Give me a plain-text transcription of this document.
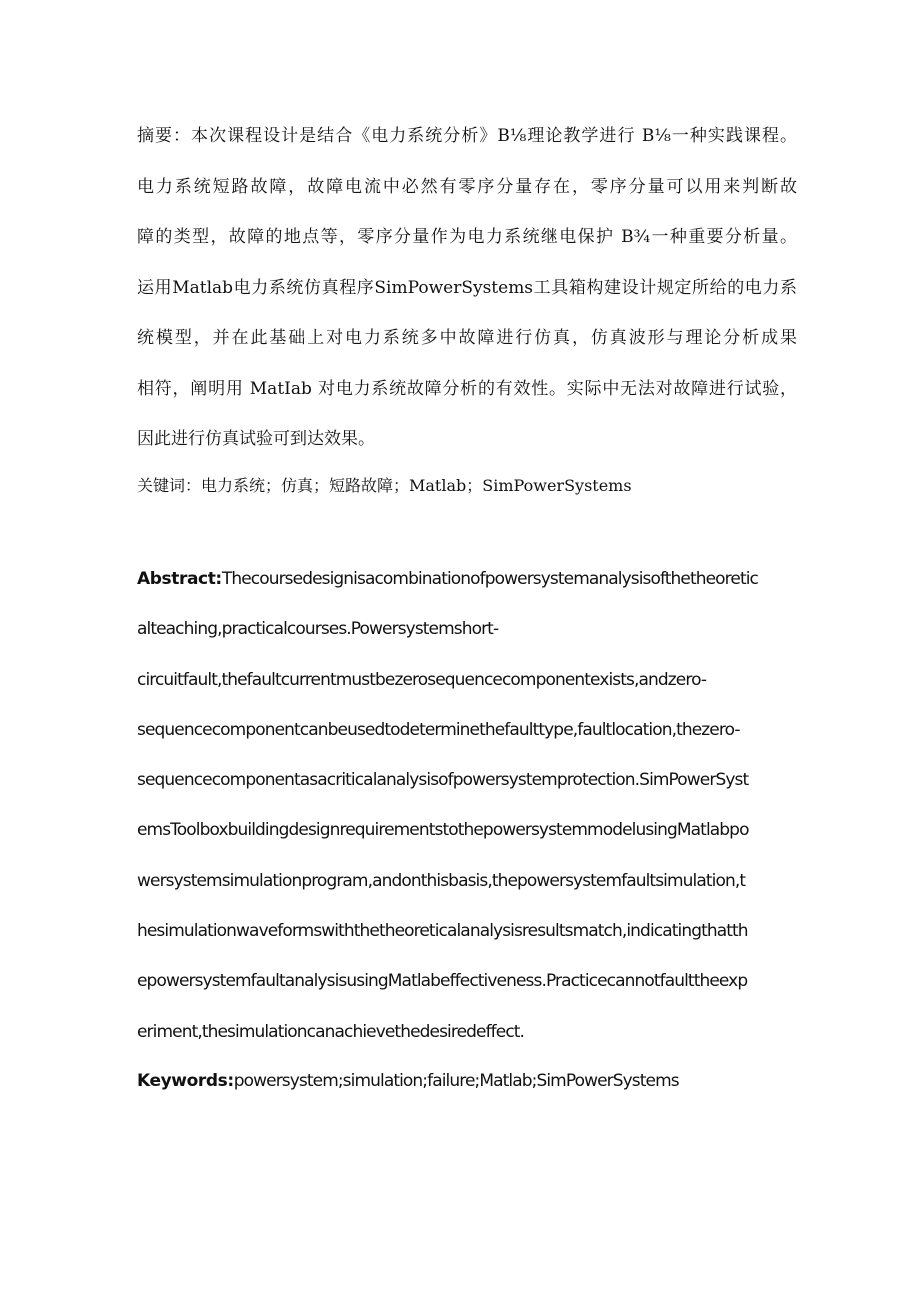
摘要：本次课程设计是结合《电力系统分析》B⅛理论教学进行 B⅛一种实践课程。
电力系统短路故障，故障电流中必然有零序分量存在，零序分量可以用来判断故
障的类型，故障的地点等，零序分量作为电力系统继电保护 B¾一种重要分析量。
运用Matlab电力系统仿真程序SimPowerSystems工具箱构建设计规定所给的电力系
统模型，并在此基础上对电力系统多中故障进行仿真，仿真波形与理论分析成果
相符，阐明用 MatIab 对电力系统故障分析的有效性。实际中无法对故障进行试验，
因此进行仿真试验可到达效果。
关键词：电力系统；仿真；短路故障；Matlab；SimPowerSystems
Abstract:Thecoursedesignisacombinationofpowersystemanalysisofthetheoretic
alteaching,practicalcourses.Powersystemshort-
circuitfault,thefaultcurrentmustbezerosequencecomponentexists,andzero-
sequencecomponentcanbeusedtodeterminethefaulttype,faultlocation,thezero-
sequencecomponentasacriticalanalysisofpowersystemprotection.SimPowerSyst
emsToolboxbuildingdesignrequirementstothepowersystemmodelusingMatlabpo
wersystemsimulationprogram,andonthisbasis,thepowersystemfaultsimulation,t
hesimulationwaveformswiththetheoreticalanalysisresultsmatch,indicatingthatth
epowersystemfaultanalysisusingMatlabeffectiveness.Practicecannotfaulttheexp
eriment,thesimulationcanachievethedesiredeffect.
Keywords:powersystem;simulation;failure;Matlab;SimPowerSystems
